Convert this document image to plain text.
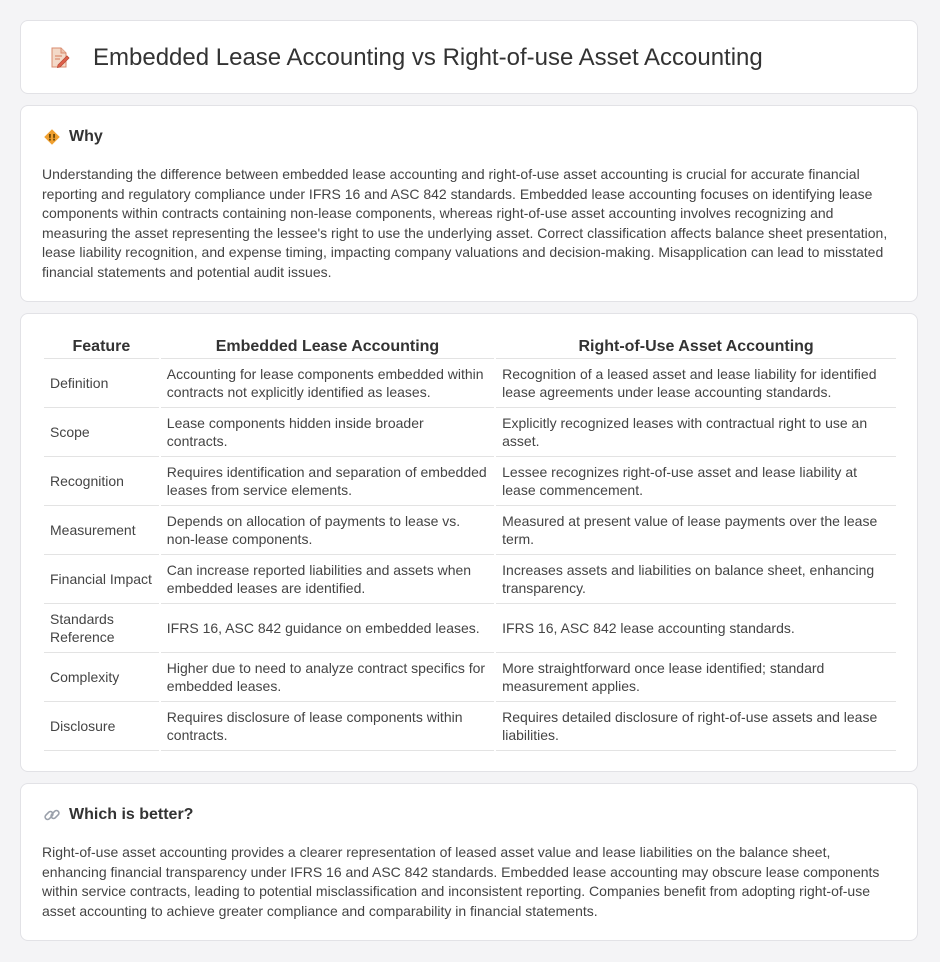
Embedded Lease Accounting vs Right-of-use Asset Accounting
!! Why
Understanding the difference between embedded lease accounting and right-of-use asset accounting is crucial for accurate financial reporting and regulatory compliance under IFRS 16 and ASC 842 standards. Embedded lease accounting focuses on identifying lease components within contracts containing non-lease components, whereas right-of-use asset accounting involves recognizing and measuring the asset representing the lessee's right to use the underlying asset. Correct classification affects balance sheet presentation, lease liability recognition, and expense timing, impacting company valuations and decision-making. Misapplication can lead to misstated financial statements and potential audit issues.
Feature	Embedded Lease Accounting	Right-of-Use Asset Accounting
Definition	Accounting for lease components embedded within contracts not explicitly identified as leases.	Recognition of a leased asset and lease liability for identified lease agreements under lease accounting standards.
Scope	Lease components hidden inside broader contracts.	Explicitly recognized leases with contractual right to use an asset.
Recognition	Requires identification and separation of embedded leases from service elements.	Lessee recognizes right-of-use asset and lease liability at lease commencement.
Measurement	Depends on allocation of payments to lease vs. non-lease components.	Measured at present value of lease payments over the lease term.
Financial Impact	Can increase reported liabilities and assets when embedded leases are identified.	Increases assets and liabilities on balance sheet, enhancing transparency.
Standards Reference	IFRS 16, ASC 842 guidance on embedded leases.	IFRS 16, ASC 842 lease accounting standards.
Complexity	Higher due to need to analyze contract specifics for embedded leases.	More straightforward once lease identified; standard measurement applies.
Disclosure	Requires disclosure of lease components within contracts.	Requires detailed disclosure of right-of-use assets and lease liabilities.
Which is better?
Right-of-use asset accounting provides a clearer representation of leased asset value and lease liabilities on the balance sheet, enhancing financial transparency under IFRS 16 and ASC 842 standards. Embedded lease accounting may obscure lease components within service contracts, leading to potential misclassification and inconsistent reporting. Companies benefit from adopting right-of-use asset accounting to achieve greater compliance and comparability in financial statements.
